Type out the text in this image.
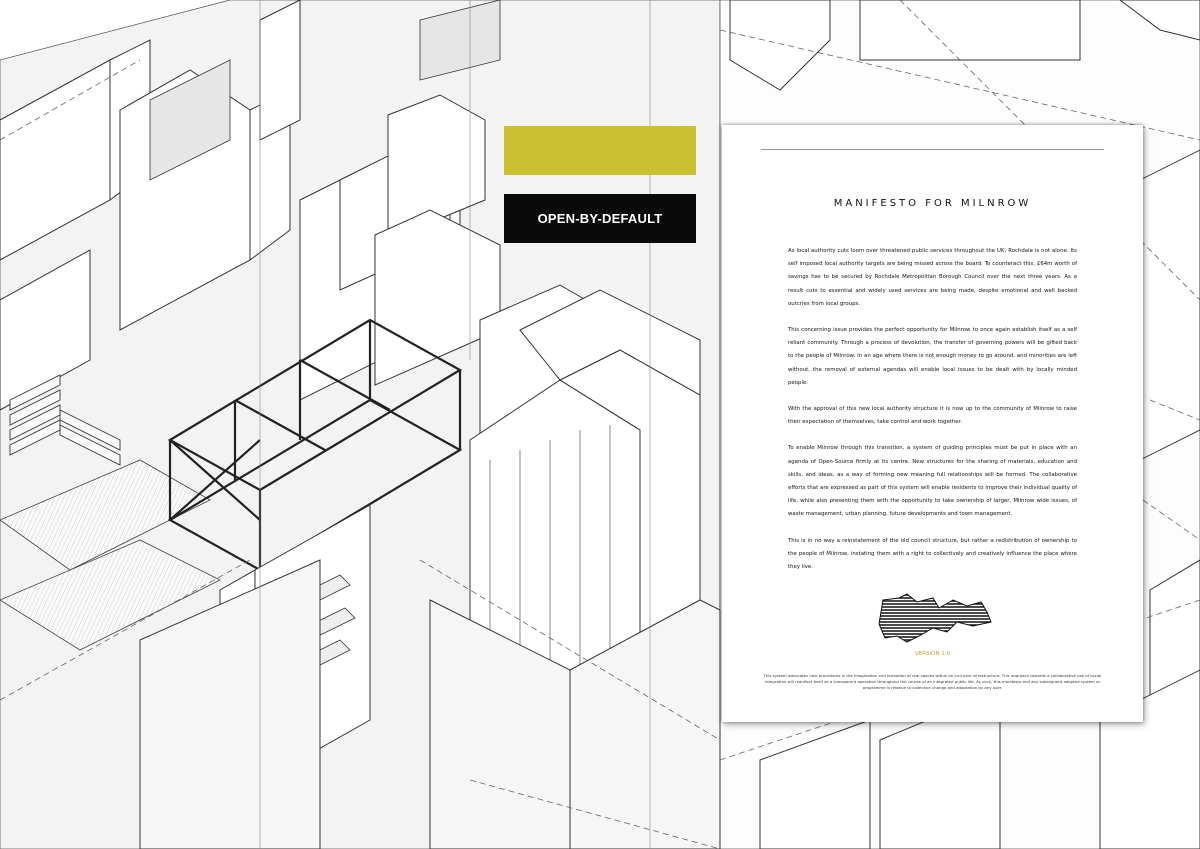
OPEN-BY-DEFAULT
MANIFESTO FOR MILNROW

As local authority cuts loom over threatened public services throughout the UK, Rochdale is not alone. Its self imposed local authority targets are being missed across the board. To counteract this, £64m worth of savings has to be secured by Rochdale Metropolitan Borough Council over the next three years. As a result cuts to essential and widely used services are being made, despite emotional and well backed outcries from local groups.

This concerning issue provides the perfect opportunity for Milnrow to once again establish itself as a self reliant community. Through a process of devolution, the transfer of governing powers will be gifted back to the people of Milnrow. In an age where there is not enough money to go around, and minorities are left without, the removal of external agendas will enable local issues to be dealt with by locally minded people.

With the approval of this new local authority structure it is now up to the community of Milnrow to raise their expectation of themselves, take control and work together.

To enable Milnrow through this transition, a system of guiding principles must be put in place with an agenda of Open-Source firmly at its centre. New structures for the sharing of materials, education and skills, and ideas, as a way of forming new meaning full relationships will be formed. The collaborative efforts that are expressed as part of this system will enable residents to improve their individual quality of life, while also presenting them with the opportunity to take ownership of larger, Milnrow wide issues, of waste management, urban planning, future developments and town management.

This is in no way a reinstatement of the old council structure, but rather a redistribution of ownership to the people of Milnrow, instating them with a right to collectively and creatively influence the place where they live.

VERSION 1.0
This system advocates new procedures in the imagination and formation of real spaces within an inclusive infrastructure. This approach towards a collaborative use of social integration will manifest itself as a transparent operation throughout the course of an integrated public life. As such, this manifesto and any subsequent adopted system or programme is relative to collective change and adaptation by any user.
